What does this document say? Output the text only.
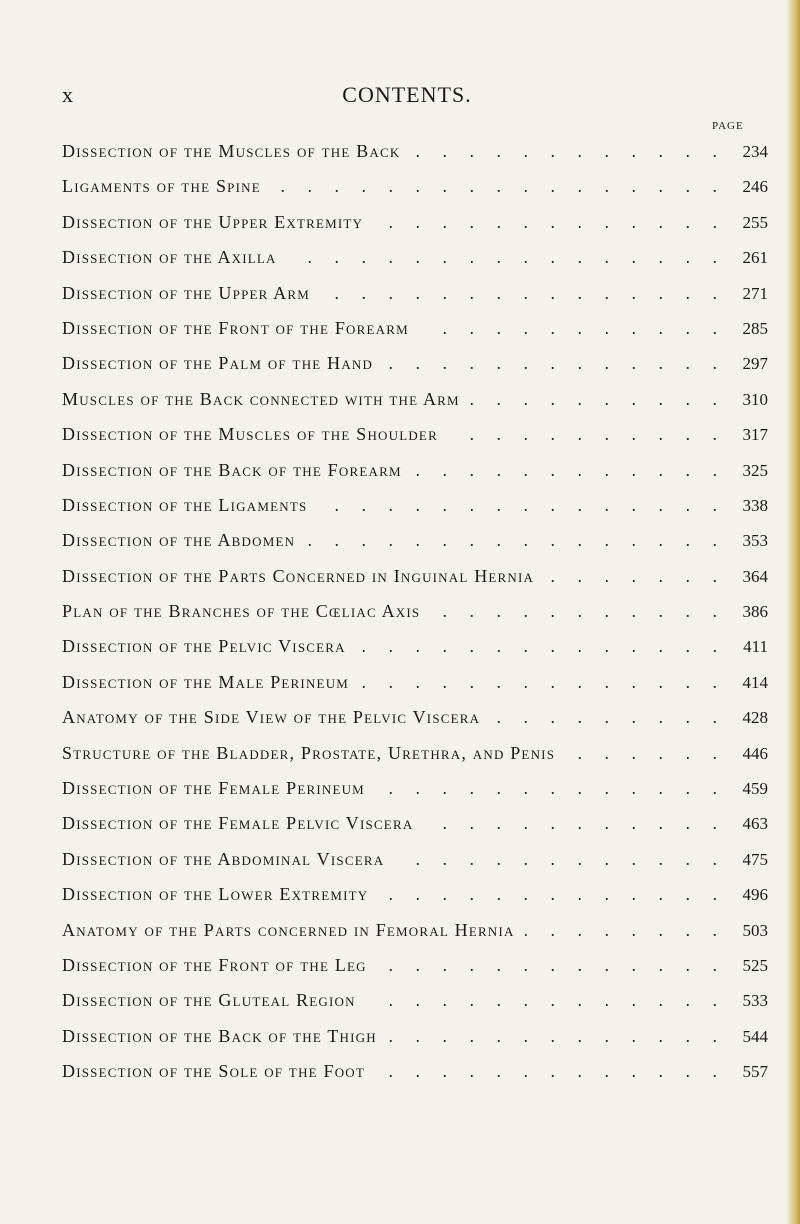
x	CONTENTS.
PAGE
Dissection of the Muscles of the Back . . .	234
Ligaments of the Spine . . .	246
Dissection of the Upper Extremity . . .	255
Dissection of the Axilla . . .	261
Dissection of the Upper Arm . . .	271
Dissection of the Front of the Forearm . . .	285
Dissection of the Palm of the Hand . . .	297
Muscles of the Back connected with the Arm . . .	310
Dissection of the Muscles of the Shoulder . . .	317
Dissection of the Back of the Forearm . . .	325
Dissection of the Ligaments . . .	338
Dissection of the Abdomen . . .	353
Dissection of the Parts Concerned in Inguinal Hernia . . .	364
Plan of the Branches of the Cœliac Axis . . .	386
Dissection of the Pelvic Viscera . . .	411
Dissection of the Male Perineum . . .	414
Anatomy of the Side View of the Pelvic Viscera . . .	428
Structure of the Bladder, Prostate, Urethra, and Penis . . .	446
Dissection of the Female Perineum . . .	459
Dissection of the Female Pelvic Viscera . . .	463
Dissection of the Abdominal Viscera . . .	475
Dissection of the Lower Extremity . . .	496
Anatomy of the Parts concerned in Femoral Hernia . . .	503
Dissection of the Front of the Leg . . .	525
Dissection of the Gluteal Region . . .	533
Dissection of the Back of the Thigh . . .	544
Dissection of the Sole of the Foot . . .	557
